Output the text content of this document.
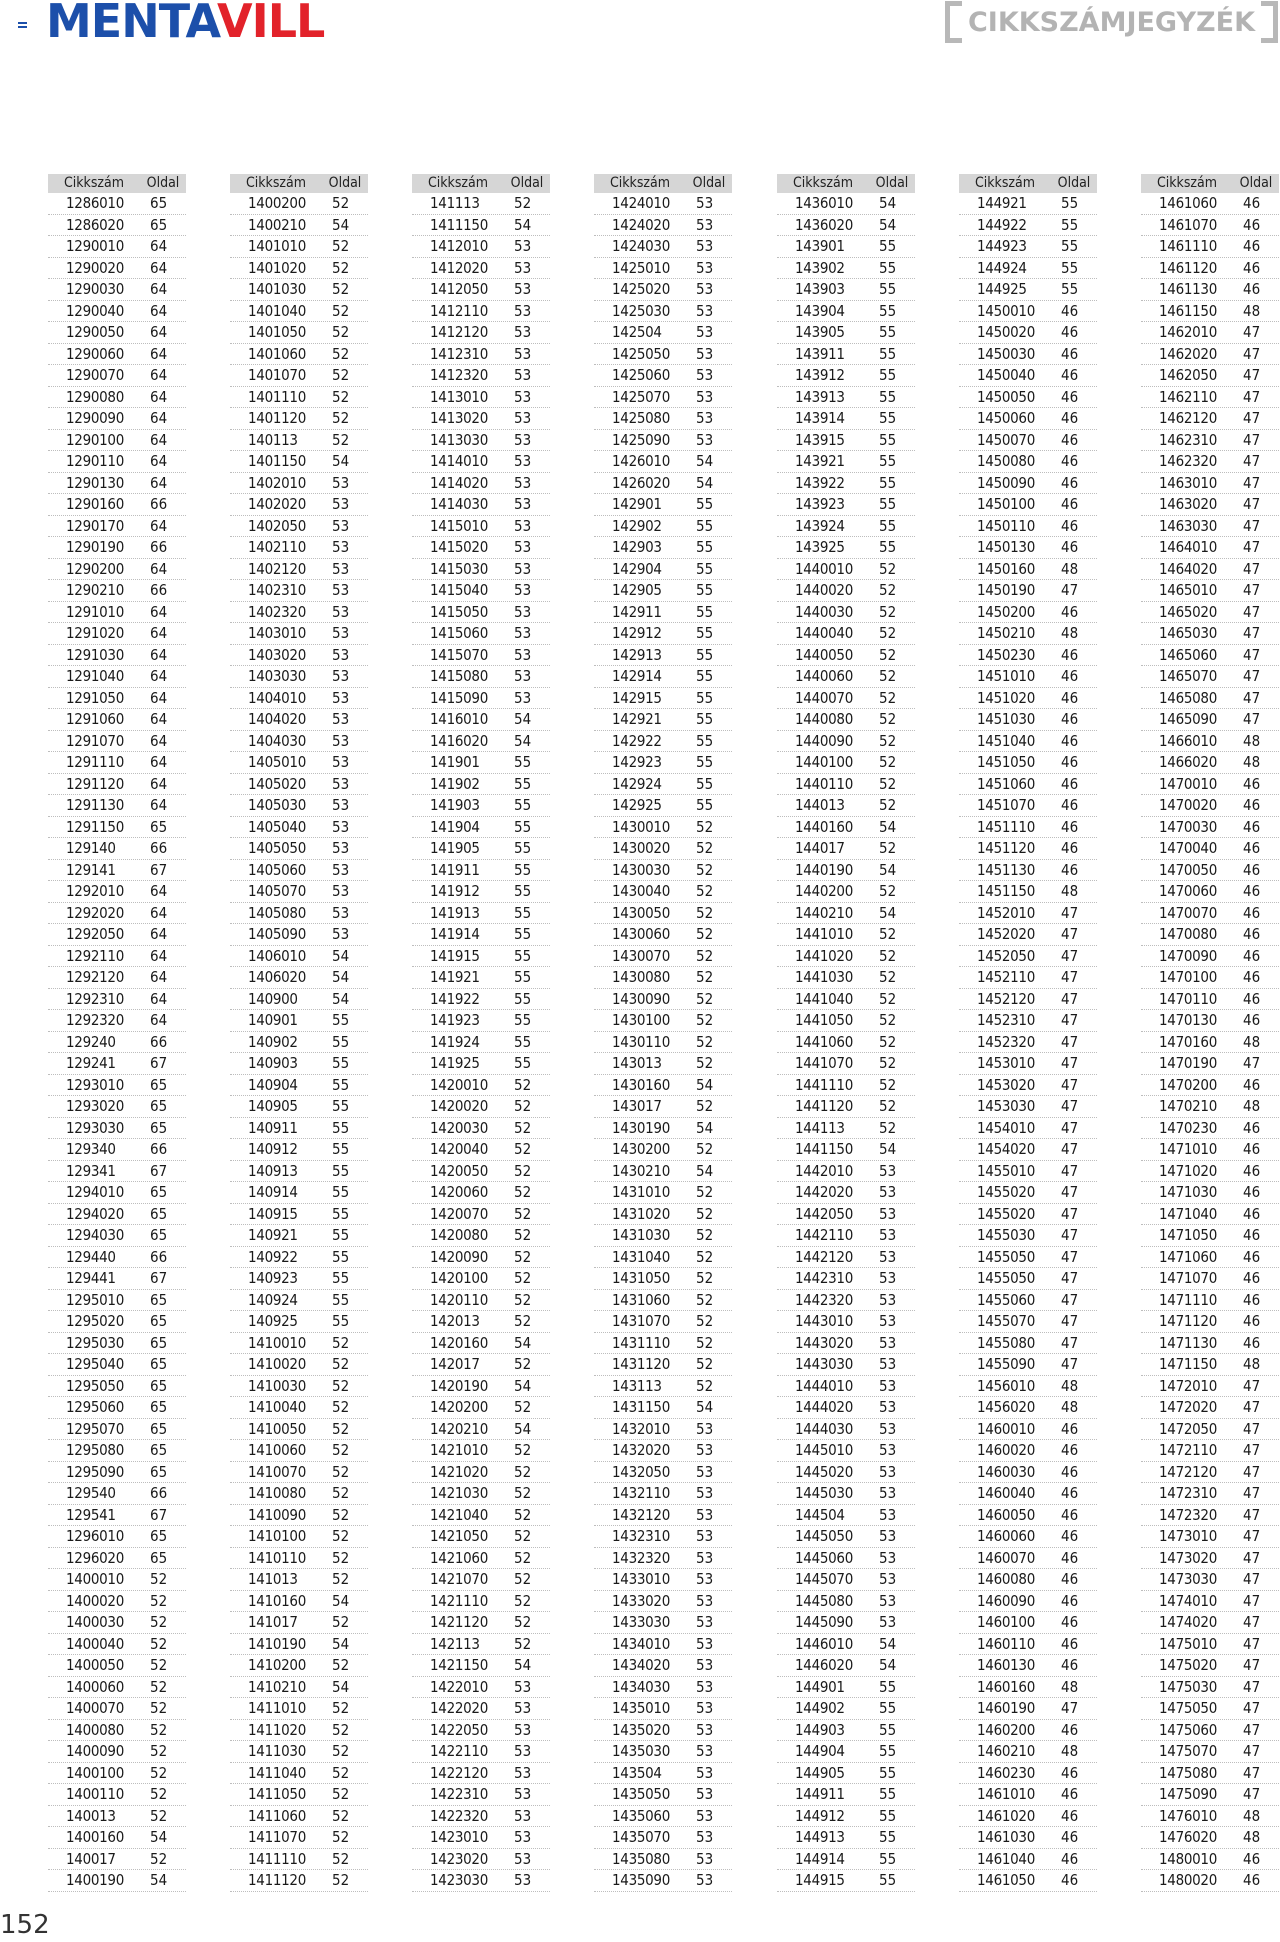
MENTAVILL	CIKKSZÁMJEGYZÉK
Cikkszám	Oldal
1286010	65
1286020	65
1290010	64
1290020	64
1290030	64
1290040	64
1290050	64
1290060	64
1290070	64
1290080	64
1290090	64
1290100	64
1290110	64
1290130	64
1290160	66
1290170	64
1290190	66
1290200	64
1290210	66
1291010	64
1291020	64
1291030	64
1291040	64
1291050	64
1291060	64
1291070	64
1291110	64
1291120	64
1291130	64
1291150	65
129140	66
129141	67
1292010	64
1292020	64
1292050	64
1292110	64
1292120	64
1292310	64
1292320	64
129240	66
129241	67
1293010	65
1293020	65
1293030	65
129340	66
129341	67
1294010	65
1294020	65
1294030	65
129440	66
129441	67
1295010	65
1295020	65
1295030	65
1295040	65
1295050	65
1295060	65
1295070	65
1295080	65
1295090	65
129540	66
129541	67
1296010	65
1296020	65
1400010	52
1400020	52
1400030	52
1400040	52
1400050	52
1400060	52
1400070	52
1400080	52
1400090	52
1400100	52
1400110	52
140013	52
1400160	54
140017	52
1400190	54
Cikkszám	Oldal
1400200	52
1400210	54
1401010	52
1401020	52
1401030	52
1401040	52
1401050	52
1401060	52
1401070	52
1401110	52
1401120	52
140113	52
1401150	54
1402010	53
1402020	53
1402050	53
1402110	53
1402120	53
1402310	53
1402320	53
1403010	53
1403020	53
1403030	53
1404010	53
1404020	53
1404030	53
1405010	53
1405020	53
1405030	53
1405040	53
1405050	53
1405060	53
1405070	53
1405080	53
1405090	53
1406010	54
1406020	54
140900	54
140901	55
140902	55
140903	55
140904	55
140905	55
140911	55
140912	55
140913	55
140914	55
140915	55
140921	55
140922	55
140923	55
140924	55
140925	55
1410010	52
1410020	52
1410030	52
1410040	52
1410050	52
1410060	52
1410070	52
1410080	52
1410090	52
1410100	52
1410110	52
141013	52
1410160	54
141017	52
1410190	54
1410200	52
1410210	54
1411010	52
1411020	52
1411030	52
1411040	52
1411050	52
1411060	52
1411070	52
1411110	52
1411120	52
Cikkszám	Oldal
141113	52
1411150	54
1412010	53
1412020	53
1412050	53
1412110	53
1412120	53
1412310	53
1412320	53
1413010	53
1413020	53
1413030	53
1414010	53
1414020	53
1414030	53
1415010	53
1415020	53
1415030	53
1415040	53
1415050	53
1415060	53
1415070	53
1415080	53
1415090	53
1416010	54
1416020	54
141901	55
141902	55
141903	55
141904	55
141905	55
141911	55
141912	55
141913	55
141914	55
141915	55
141921	55
141922	55
141923	55
141924	55
141925	55
1420010	52
1420020	52
1420030	52
1420040	52
1420050	52
1420060	52
1420070	52
1420080	52
1420090	52
1420100	52
1420110	52
142013	52
1420160	54
142017	52
1420190	54
1420200	52
1420210	54
1421010	52
1421020	52
1421030	52
1421040	52
1421050	52
1421060	52
1421070	52
1421110	52
1421120	52
142113	52
1421150	54
1422010	53
1422020	53
1422050	53
1422110	53
1422120	53
1422310	53
1422320	53
1423010	53
1423020	53
1423030	53
Cikkszám	Oldal
1424010	53
1424020	53
1424030	53
1425010	53
1425020	53
1425030	53
142504	53
1425050	53
1425060	53
1425070	53
1425080	53
1425090	53
1426010	54
1426020	54
142901	55
142902	55
142903	55
142904	55
142905	55
142911	55
142912	55
142913	55
142914	55
142915	55
142921	55
142922	55
142923	55
142924	55
142925	55
1430010	52
1430020	52
1430030	52
1430040	52
1430050	52
1430060	52
1430070	52
1430080	52
1430090	52
1430100	52
1430110	52
143013	52
1430160	54
143017	52
1430190	54
1430200	52
1430210	54
1431010	52
1431020	52
1431030	52
1431040	52
1431050	52
1431060	52
1431070	52
1431110	52
1431120	52
143113	52
1431150	54
1432010	53
1432020	53
1432050	53
1432110	53
1432120	53
1432310	53
1432320	53
1433010	53
1433020	53
1433030	53
1434010	53
1434020	53
1434030	53
1435010	53
1435020	53
1435030	53
143504	53
1435050	53
1435060	53
1435070	53
1435080	53
1435090	53
Cikkszám	Oldal
1436010	54
1436020	54
143901	55
143902	55
143903	55
143904	55
143905	55
143911	55
143912	55
143913	55
143914	55
143915	55
143921	55
143922	55
143923	55
143924	55
143925	55
1440010	52
1440020	52
1440030	52
1440040	52
1440050	52
1440060	52
1440070	52
1440080	52
1440090	52
1440100	52
1440110	52
144013	52
1440160	54
144017	52
1440190	54
1440200	52
1440210	54
1441010	52
1441020	52
1441030	52
1441040	52
1441050	52
1441060	52
1441070	52
1441110	52
1441120	52
144113	52
1441150	54
1442010	53
1442020	53
1442050	53
1442110	53
1442120	53
1442310	53
1442320	53
1443010	53
1443020	53
1443030	53
1444010	53
1444020	53
1444030	53
1445010	53
1445020	53
1445030	53
144504	53
1445050	53
1445060	53
1445070	53
1445080	53
1445090	53
1446010	54
1446020	54
144901	55
144902	55
144903	55
144904	55
144905	55
144911	55
144912	55
144913	55
144914	55
144915	55
Cikkszám	Oldal
144921	55
144922	55
144923	55
144924	55
144925	55
1450010	46
1450020	46
1450030	46
1450040	46
1450050	46
1450060	46
1450070	46
1450080	46
1450090	46
1450100	46
1450110	46
1450130	46
1450160	48
1450190	47
1450200	46
1450210	48
1450230	46
1451010	46
1451020	46
1451030	46
1451040	46
1451050	46
1451060	46
1451070	46
1451110	46
1451120	46
1451130	46
1451150	48
1452010	47
1452020	47
1452050	47
1452110	47
1452120	47
1452310	47
1452320	47
1453010	47
1453020	47
1453030	47
1454010	47
1454020	47
1455010	47
1455020	47
1455020	47
1455030	47
1455050	47
1455050	47
1455060	47
1455070	47
1455080	47
1455090	47
1456010	48
1456020	48
1460010	46
1460020	46
1460030	46
1460040	46
1460050	46
1460060	46
1460070	46
1460080	46
1460090	46
1460100	46
1460110	46
1460130	46
1460160	48
1460190	47
1460200	46
1460210	48
1460230	46
1461010	46
1461020	46
1461030	46
1461040	46
1461050	46
Cikkszám	Oldal
1461060	46
1461070	46
1461110	46
1461120	46
1461130	46
1461150	48
1462010	47
1462020	47
1462050	47
1462110	47
1462120	47
1462310	47
1462320	47
1463010	47
1463020	47
1463030	47
1464010	47
1464020	47
1465010	47
1465020	47
1465030	47
1465060	47
1465070	47
1465080	47
1465090	47
1466010	48
1466020	48
1470010	46
1470020	46
1470030	46
1470040	46
1470050	46
1470060	46
1470070	46
1470080	46
1470090	46
1470100	46
1470110	46
1470130	46
1470160	48
1470190	47
1470200	46
1470210	48
1470230	46
1471010	46
1471020	46
1471030	46
1471040	46
1471050	46
1471060	46
1471070	46
1471110	46
1471120	46
1471130	46
1471150	48
1472010	47
1472020	47
1472050	47
1472110	47
1472120	47
1472310	47
1472320	47
1473010	47
1473020	47
1473030	47
1474010	47
1474020	47
1475010	47
1475020	47
1475030	47
1475050	47
1475060	47
1475070	47
1475080	47
1475090	47
1476010	48
1476020	48
1480010	46
1480020	46
152
